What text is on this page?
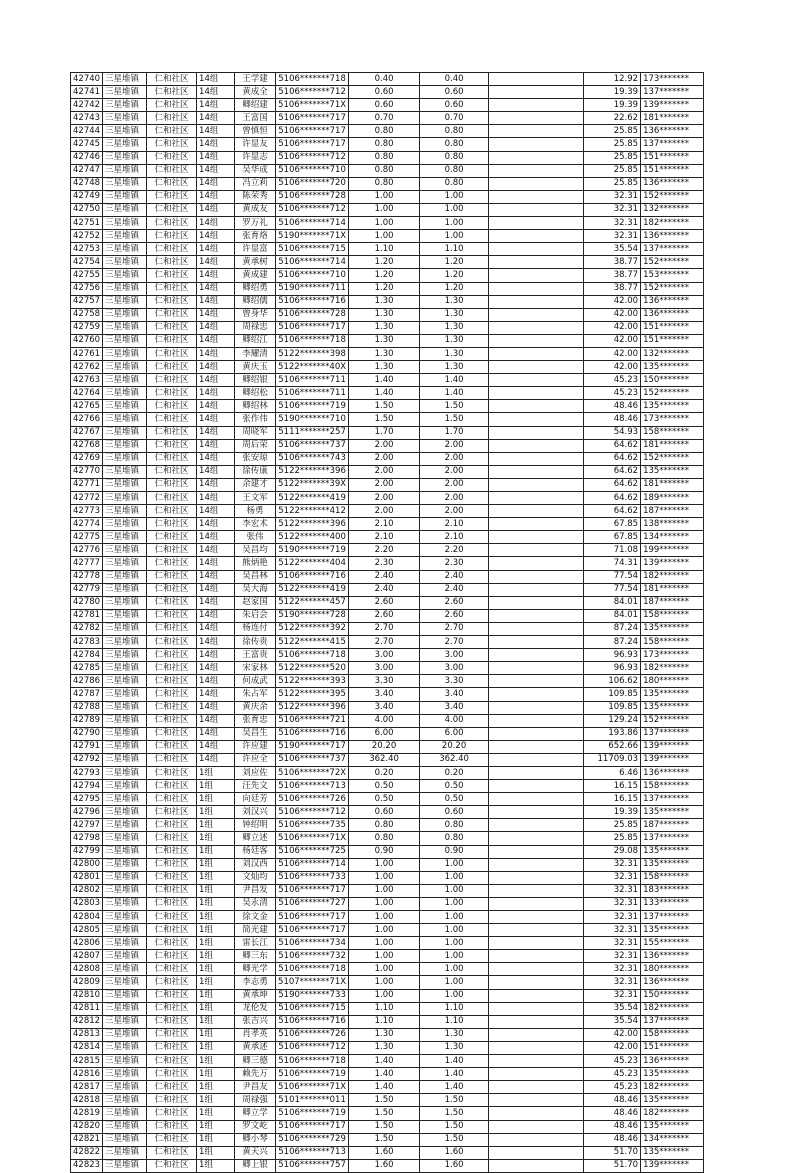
42740	三星堆镇	仁和社区	14组	王学建	5106*******718	0.40	0.40		12.92	173*******
42741	三星堆镇	仁和社区	14组	黄成全	5106*******712	0.60	0.60		19.39	137*******
42742	三星堆镇	仁和社区	14组	卿绍建	5106*******71X	0.60	0.60		19.39	139*******
42743	三星堆镇	仁和社区	14组	王富国	5106*******717	0.70	0.70		22.62	181*******
42744	三星堆镇	仁和社区	14组	曾慎恒	5106*******717	0.80	0.80		25.85	136*******
42745	三星堆镇	仁和社区	14组	许显友	5106*******717	0.80	0.80		25.85	137*******
42746	三星堆镇	仁和社区	14组	许显志	5106*******712	0.80	0.80		25.85	151*******
42747	三星堆镇	仁和社区	14组	吴华成	5106*******710	0.80	0.80		25.85	151*******
42748	三星堆镇	仁和社区	14组	冯立莉	5106*******720	0.80	0.80		25.85	136*******
42749	三星堆镇	仁和社区	14组	陈荣秀	5106*******728	1.00	1.00		32.31	152*******
42750	三星堆镇	仁和社区	14组	黄成友	5106*******712	1.00	1.00		32.31	132*******
42751	三星堆镇	仁和社区	14组	罗万礼	5106*******714	1.00	1.00		32.31	182*******
42752	三星堆镇	仁和社区	14组	张育烙	5190*******71X	1.00	1.00		32.31	136*******
42753	三星堆镇	仁和社区	14组	许显富	5106*******715	1.10	1.10		35.54	137*******
42754	三星堆镇	仁和社区	14组	黄承树	5106*******714	1.20	1.20		38.77	152*******
42755	三星堆镇	仁和社区	14组	黄成建	5106*******710	1.20	1.20		38.77	153*******
42756	三星堆镇	仁和社区	14组	卿绍勇	5190*******711	1.20	1.20		38.77	152*******
42757	三星堆镇	仁和社区	14组	卿绍儒	5106*******716	1.30	1.30		42.00	136*******
42758	三星堆镇	仁和社区	14组	曾身华	5106*******728	1.30	1.30		42.00	136*******
42759	三星堆镇	仁和社区	14组	周禄忠	5106*******717	1.30	1.30		42.00	151*******
42760	三星堆镇	仁和社区	14组	卿绍江	5106*******718	1.30	1.30		42.00	151*******
42761	三星堆镇	仁和社区	14组	李耀清	5122*******398	1.30	1.30		42.00	132*******
42762	三星堆镇	仁和社区	14组	黄庆玉	5122*******40X	1.30	1.30		42.00	135*******
42763	三星堆镇	仁和社区	14组	卿绍银	5106*******711	1.40	1.40		45.23	150*******
42764	三星堆镇	仁和社区	14组	卿绍松	5106*******711	1.40	1.40		45.23	152*******
42765	三星堆镇	仁和社区	14组	卿绍林	5106*******719	1.50	1.50		48.46	135*******
42766	三星堆镇	仁和社区	14组	张作伟	5190*******710	1.50	1.50		48.46	173*******
42767	三星堆镇	仁和社区	14组	周晓军	5111*******257	1.70	1.70		54.93	158*******
42768	三星堆镇	仁和社区	14组	周后荣	5106*******737	2.00	2.00		64.62	181*******
42769	三星堆镇	仁和社区	14组	张安琼	5106*******743	2.00	2.00		64.62	152*******
42770	三星堆镇	仁和社区	14组	徐传康	5122*******396	2.00	2.00		64.62	135*******
42771	三星堆镇	仁和社区	14组	余建才	5122*******39X	2.00	2.00		64.62	181*******
42772	三星堆镇	仁和社区	14组	王文军	5122*******419	2.00	2.00		64.62	189*******
42773	三星堆镇	仁和社区	14组	杨勇	5122*******412	2.00	2.00		64.62	187*******
42774	三星堆镇	仁和社区	14组	李宏术	5122*******396	2.10	2.10		67.85	138*******
42775	三星堆镇	仁和社区	14组	张伟	5122*******400	2.10	2.10		67.85	134*******
42776	三星堆镇	仁和社区	14组	吴昌均	5190*******719	2.20	2.20		71.08	199*******
42777	三星堆镇	仁和社区	14组	熊炳艳	5122*******404	2.30	2.30		74.31	139*******
42778	三星堆镇	仁和社区	14组	吴昌林	5106*******716	2.40	2.40		77.54	182*******
42779	三星堆镇	仁和社区	14组	吴大海	5122*******419	2.40	2.40		77.54	181*******
42780	三星堆镇	仁和社区	14组	赵家国	5122*******457	2.60	2.60		84.01	187*******
42781	三星堆镇	仁和社区	14组	朱启会	5190*******728	2.60	2.60		84.01	158*******
42782	三星堆镇	仁和社区	14组	杨连付	5122*******392	2.70	2.70		87.24	135*******
42783	三星堆镇	仁和社区	14组	徐传贵	5122*******415	2.70	2.70		87.24	158*******
42784	三星堆镇	仁和社区	14组	王富贵	5106*******718	3.00	3.00		96.93	173*******
42785	三星堆镇	仁和社区	14组	宋家林	5122*******520	3.00	3.00		96.93	182*******
42786	三星堆镇	仁和社区	14组	何成武	5122*******393	3.30	3.30		106.62	180*******
42787	三星堆镇	仁和社区	14组	朱占军	5122*******395	3.40	3.40		109.85	135*******
42788	三星堆镇	仁和社区	14组	黄庆余	5122*******396	3.40	3.40		109.85	135*******
42789	三星堆镇	仁和社区	14组	张育忠	5106*******721	4.00	4.00		129.24	152*******
42790	三星堆镇	仁和社区	14组	吴昌生	5106*******716	6.00	6.00		193.86	137*******
42791	三星堆镇	仁和社区	14组	许应建	5190*******717	20.20	20.20		652.66	139*******
42792	三星堆镇	仁和社区	14组	许应全	5106*******737	362.40	362.40		11709.03	139*******
42793	三星堆镇	仁和社区	1组	刘应佐	5106*******72X	0.20	0.20		6.46	136*******
42794	三星堆镇	仁和社区	1组	汪先文	5106*******713	0.50	0.50		16.15	158*******
42795	三星堆镇	仁和社区	1组	向廷芳	5106*******726	0.50	0.50		16.15	137*******
42796	三星堆镇	仁和社区	1组	刘汉兴	5106*******712	0.60	0.60		19.39	135*******
42797	三星堆镇	仁和社区	1组	钟绍明	5106*******735	0.80	0.80		25.85	187*******
42798	三星堆镇	仁和社区	1组	卿立述	5106*******71X	0.80	0.80		25.85	137*******
42799	三星堆镇	仁和社区	1组	杨廷客	5106*******725	0.90	0.90		29.08	135*******
42800	三星堆镇	仁和社区	1组	刘汉西	5106*******714	1.00	1.00		32.31	135*******
42801	三星堆镇	仁和社区	1组	文灿均	5106*******733	1.00	1.00		32.31	158*******
42802	三星堆镇	仁和社区	1组	尹昌发	5106*******717	1.00	1.00		32.31	183*******
42803	三星堆镇	仁和社区	1组	吴永清	5106*******727	1.00	1.00		32.31	133*******
42804	三星堆镇	仁和社区	1组	徐文金	5106*******717	1.00	1.00		32.31	137*******
42805	三星堆镇	仁和社区	1组	简光建	5106*******717	1.00	1.00		32.31	135*******
42806	三星堆镇	仁和社区	1组	雷长江	5106*******734	1.00	1.00		32.31	155*******
42807	三星堆镇	仁和社区	1组	卿三东	5106*******732	1.00	1.00		32.31	136*******
42808	三星堆镇	仁和社区	1组	卿光学	5106*******718	1.00	1.00		32.31	180*******
42809	三星堆镇	仁和社区	1组	李志勇	5107*******71X	1.00	1.00		32.31	136*******
42810	三星堆镇	仁和社区	1组	黄承坤	5190*******733	1.00	1.00		32.31	150*******
42811	三星堆镇	仁和社区	1组	龙伦发	5106*******715	1.10	1.10		35.54	182*******
42812	三星堆镇	仁和社区	1组	张吉兴	5106*******716	1.10	1.10		35.54	137*******
42813	三星堆镇	仁和社区	1组	肖孝英	5106*******726	1.30	1.30		42.00	158*******
42814	三星堆镇	仁和社区	1组	黄承述	5106*******712	1.30	1.30		42.00	151*******
42815	三星堆镇	仁和社区	1组	卿三德	5106*******718	1.40	1.40		45.23	136*******
42816	三星堆镇	仁和社区	1组	赖先万	5106*******719	1.40	1.40		45.23	135*******
42817	三星堆镇	仁和社区	1组	尹昌友	5106*******71X	1.40	1.40		45.23	182*******
42818	三星堆镇	仁和社区	1组	周禄强	5101*******011	1.50	1.50		48.46	135*******
42819	三星堆镇	仁和社区	1组	卿立学	5106*******719	1.50	1.50		48.46	182*******
42820	三星堆镇	仁和社区	1组	罗文屹	5106*******717	1.50	1.50		48.46	135*******
42821	三星堆镇	仁和社区	1组	卿小琴	5106*******729	1.50	1.50		48.46	134*******
42822	三星堆镇	仁和社区	1组	黄天兴	5106*******713	1.60	1.60		51.70	135*******
42823	三星堆镇	仁和社区	1组	卿上银	5106*******757	1.60	1.60		51.70	139*******
